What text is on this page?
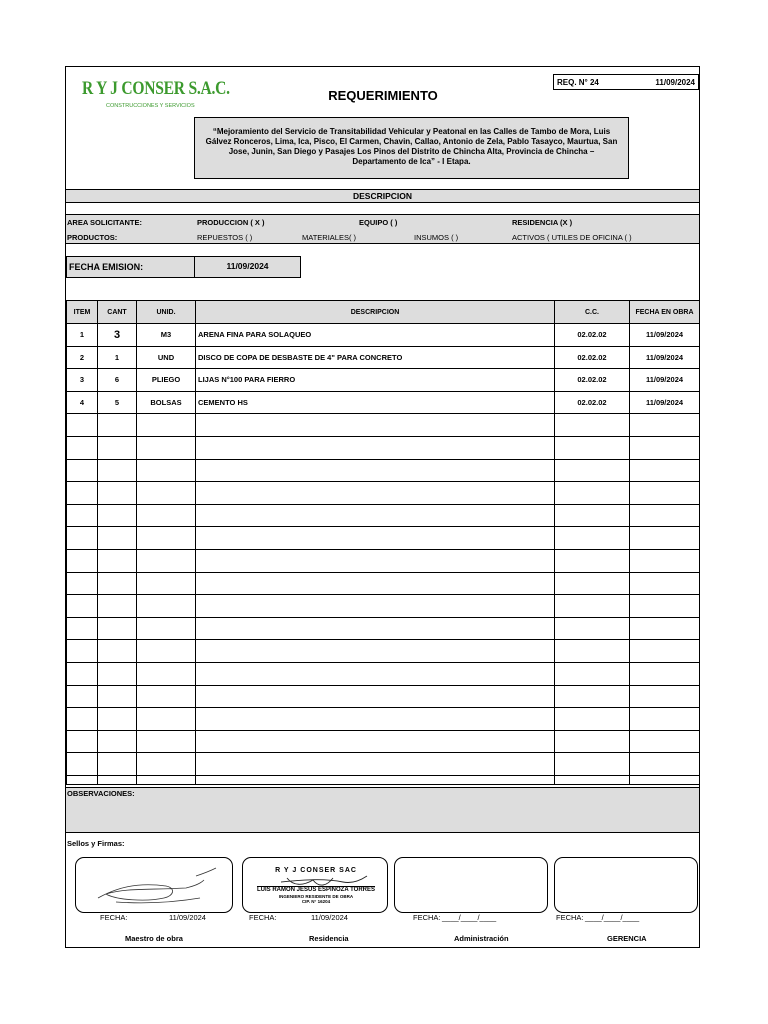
R Y J CONSER S.A.C.
CONSTRUCCIONES Y SERVICIOS
REQUERIMIENTO
REQ. N° 24	11/09/2024
“Mejoramiento del Servicio de Transitabilidad Vehicular y Peatonal en las Calles de Tambo de Mora, Luis Gálvez Ronceros, Lima, Ica, Pisco, El Carmen, Chavin, Callao, Antonio de Zela, Pablo Tasayco, Maurtua, San Jose, Junin, San Diego y Pasajes Los Pinos del Distrito de Chincha Alta, Provincia de Chincha – Departamento de Ica” - I Etapa.
DESCRIPCION
AREA SOLICITANTE:	PRODUCCION ( X )	EQUIPO ( )	RESIDENCIA (X )
PRODUCTOS:	REPUESTOS ( )	MATERIALES( )	INSUMOS ( )	ACTIVOS ( UTILES DE OFICINA ( )
FECHA EMISION:	11/09/2024
ITEM	CANT	UNID.	DESCRIPCION	C.C.	FECHA EN OBRA
1	3	M3	ARENA FINA PARA SOLAQUEO	02.02.02	11/09/2024
2	1	UND	DISCO DE COPA DE DESBASTE DE 4" PARA CONCRETO	02.02.02	11/09/2024
3	6	PLIEGO	LIJAS N°100 PARA FIERRO	02.02.02	11/09/2024
4	5	BOLSAS	CEMENTO HS	02.02.02	11/09/2024

OBSERVACIONES:
Sellos y Firmas:
R Y J CONSER SAC
LUIS RAMON JESUS ESPINOZA TORRES
INGENIERO RESIDENTE DE OBRA
CIP. N° 16204
FECHA:	11/09/2024	FECHA:	11/09/2024	FECHA: ____/____/____	FECHA: ____/____/____
Maestro de obra	Residencia	Administración	GERENCIA
